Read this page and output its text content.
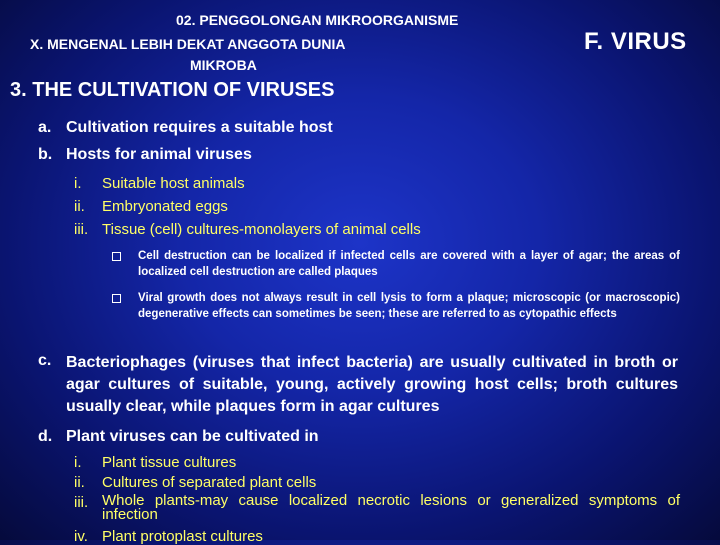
02. PENGGOLONGAN MIKROORGANISME
X. MENGENAL LEBIH DEKAT ANGGOTA DUNIA
MIKROBA
F. VIRUS
3. THE CULTIVATION OF VIRUSES
a. Cultivation requires a suitable host
b. Hosts for animal viruses
i. Suitable host animals
ii. Embryonated eggs
iii. Tissue (cell) cultures-monolayers of animal cells
Cell destruction can be localized if infected cells are covered with a layer of agar; the areas of localized cell destruction are called plaques
Viral growth does not always result in cell lysis to form a plaque; microscopic (or macroscopic) degenerative effects can sometimes be seen; these are referred to as cytopathic effects
c. Bacteriophages (viruses that infect bacteria) are usually cultivated in broth or agar cultures of suitable, young, actively growing host cells; broth cultures usually clear, while plaques form in agar cultures
d. Plant viruses can be cultivated in
i. Plant tissue cultures
ii. Cultures of separated plant cells
iii. Whole plants-may cause localized necrotic lesions or generalized symptoms of infection
iv. Plant protoplast cultures
